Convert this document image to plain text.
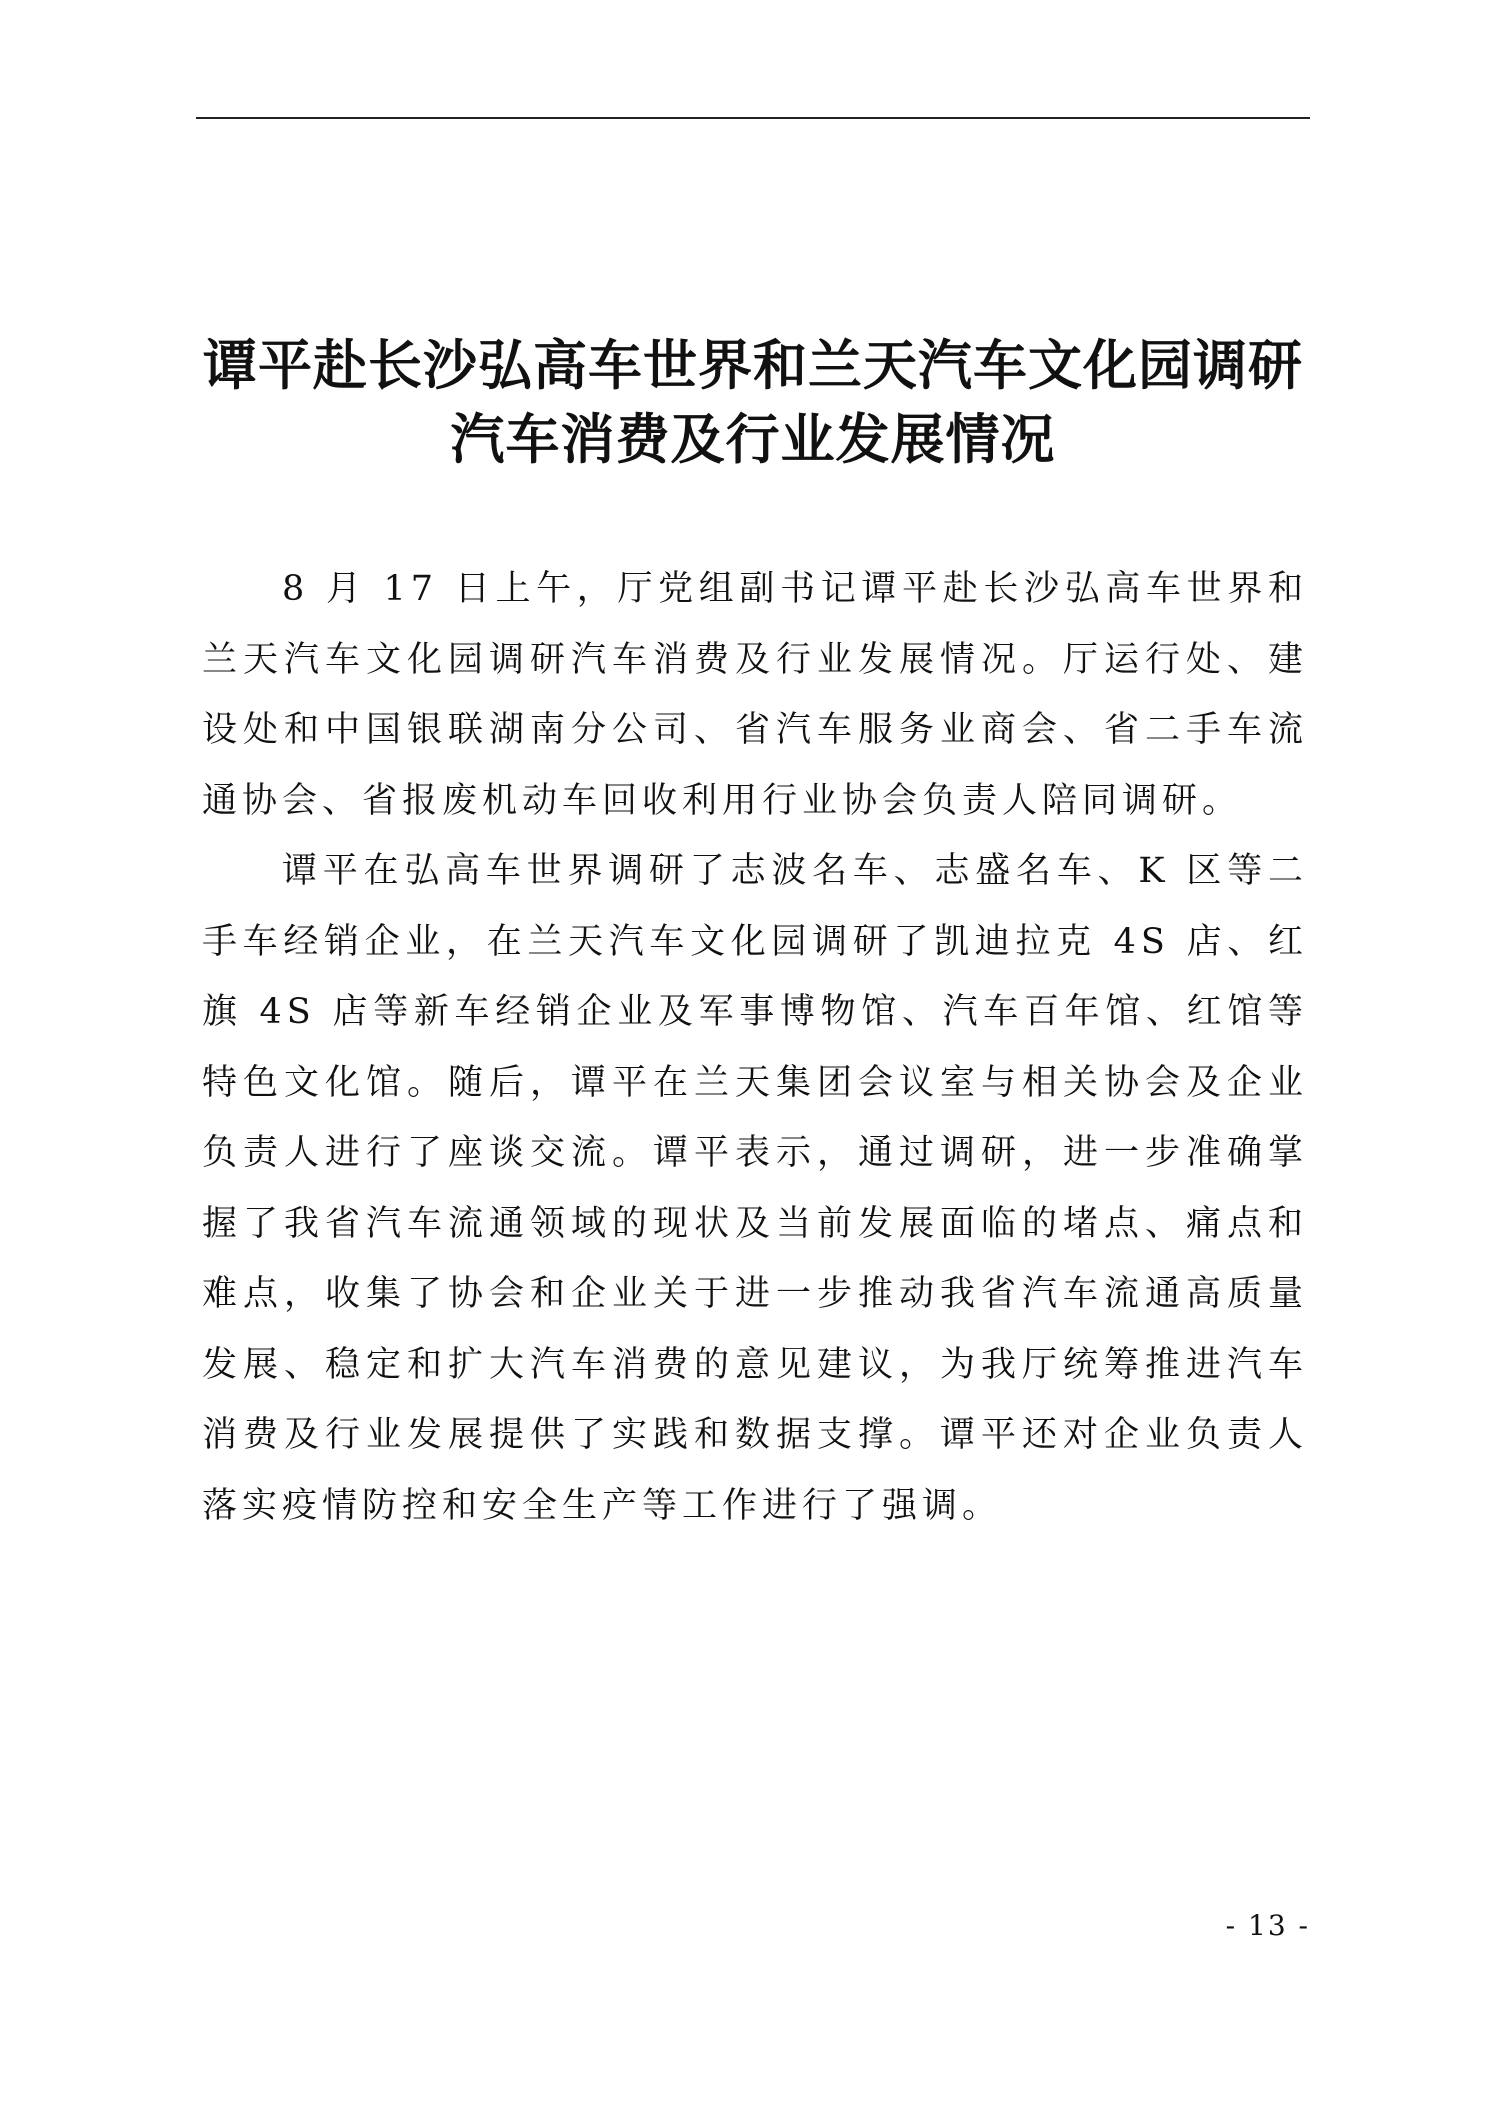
谭平赴长沙弘高车世界和兰天汽车文化园调研
汽车消费及行业发展情况

8 月 17 日上午，厅党组副书记谭平赴长沙弘高车世界和兰天汽车文化园调研汽车消费及行业发展情况。厅运行处、建设处和中国银联湖南分公司、省汽车服务业商会、省二手车流通协会、省报废机动车回收利用行业协会负责人陪同调研。

谭平在弘高车世界调研了志波名车、志盛名车、K 区等二手车经销企业，在兰天汽车文化园调研了凯迪拉克 4S 店、红旗 4S 店等新车经销企业及军事博物馆、汽车百年馆、红馆等特色文化馆。随后，谭平在兰天集团会议室与相关协会及企业负责人进行了座谈交流。谭平表示，通过调研，进一步准确掌握了我省汽车流通领域的现状及当前发展面临的堵点、痛点和难点，收集了协会和企业关于进一步推动我省汽车流通高质量发展、稳定和扩大汽车消费的意见建议，为我厅统筹推进汽车消费及行业发展提供了实践和数据支撑。谭平还对企业负责人落实疫情防控和安全生产等工作进行了强调。

- 13 -
